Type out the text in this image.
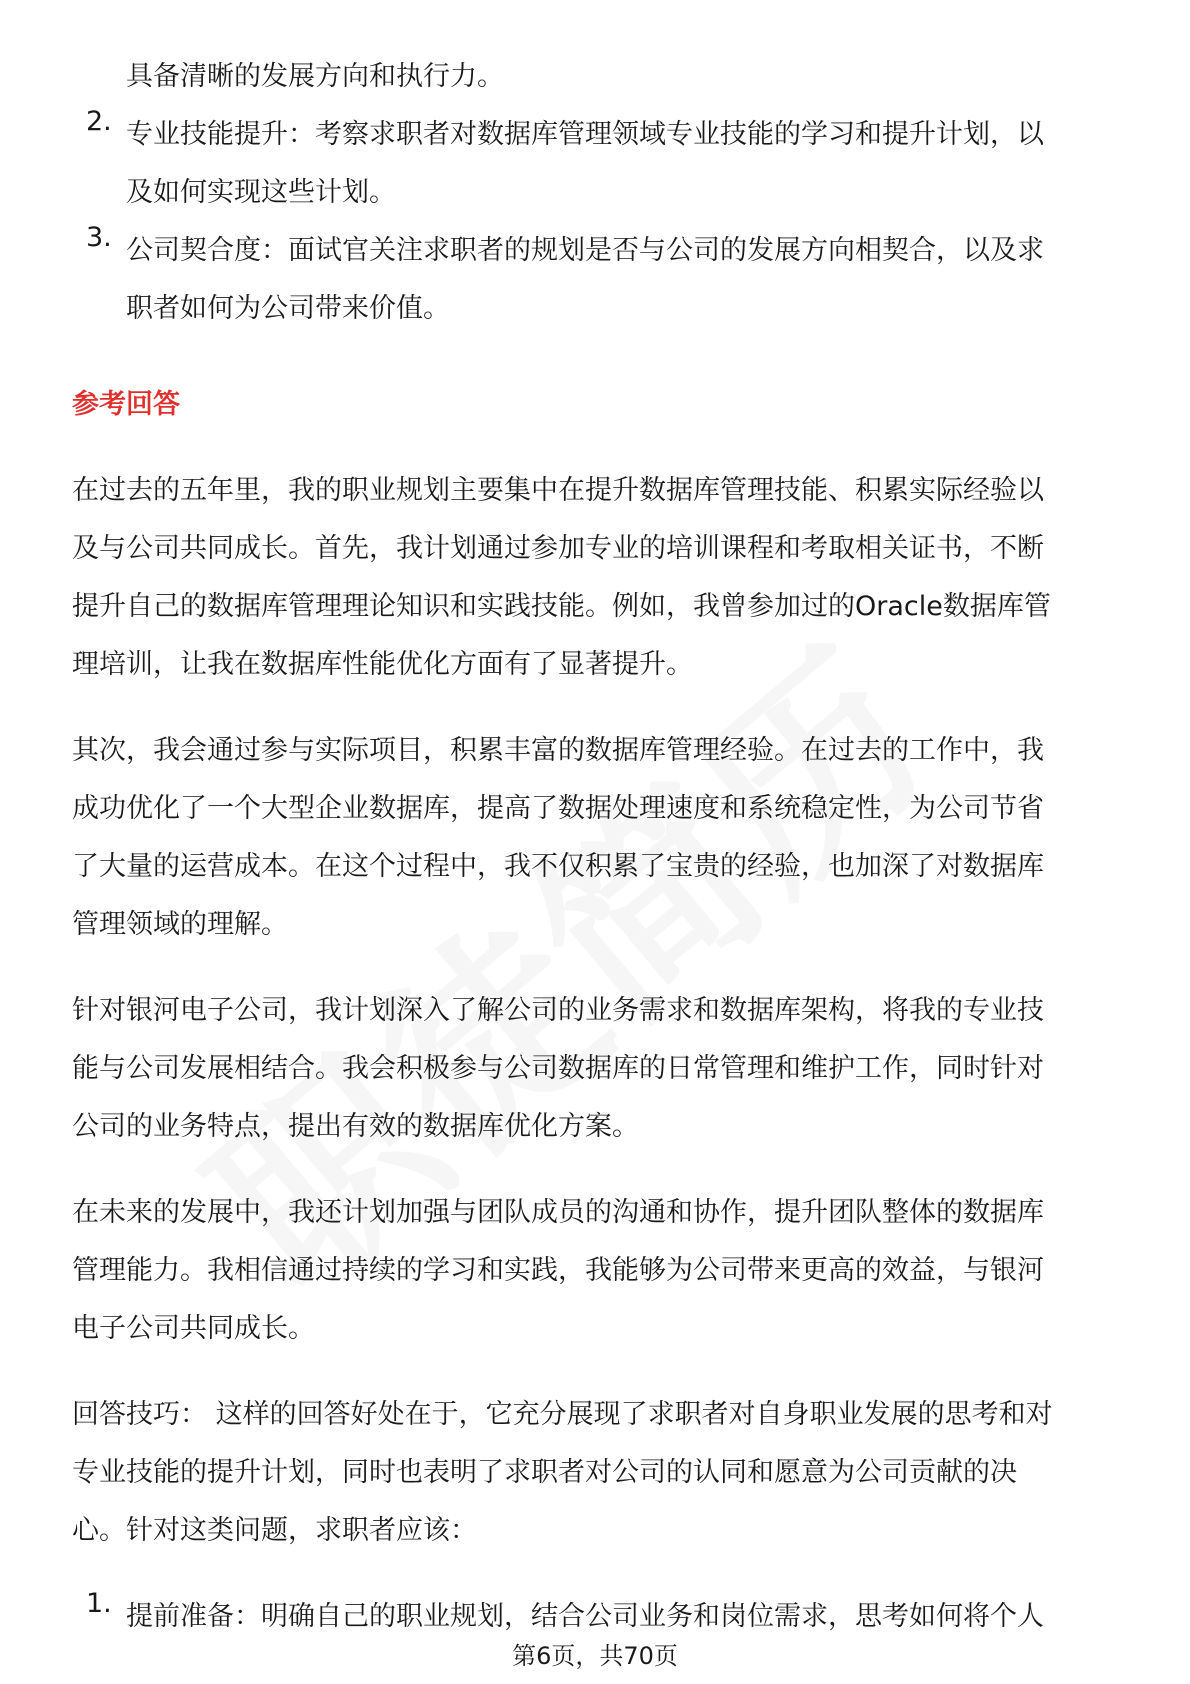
具备清晰的发展方向和执行力。
2. 专业技能提升：考察求职者对数据库管理领域专业技能的学习和提升计划，以
及如何实现这些计划。
3. 公司契合度：面试官关注求职者的规划是否与公司的发展方向相契合，以及求
职者如何为公司带来价值。
参考回答
在过去的五年里，我的职业规划主要集中在提升数据库管理技能、积累实际经验以
及与公司共同成长。首先，我计划通过参加专业的培训课程和考取相关证书，不断
提升自己的数据库管理理论知识和实践技能。例如，我曾参加过的Oracle数据库管
理培训，让我在数据库性能优化方面有了显著提升。
其次，我会通过参与实际项目，积累丰富的数据库管理经验。在过去的工作中，我
成功优化了一个大型企业数据库，提高了数据处理速度和系统稳定性，为公司节省
了大量的运营成本。在这个过程中，我不仅积累了宝贵的经验，也加深了对数据库
管理领域的理解。
针对银河电子公司，我计划深入了解公司的业务需求和数据库架构，将我的专业技
能与公司发展相结合。我会积极参与公司数据库的日常管理和维护工作，同时针对
公司的业务特点，提出有效的数据库优化方案。
在未来的发展中，我还计划加强与团队成员的沟通和协作，提升团队整体的数据库
管理能力。我相信通过持续的学习和实践，我能够为公司带来更高的效益，与银河
电子公司共同成长。
回答技巧： 这样的回答好处在于，它充分展现了求职者对自身职业发展的思考和对
专业技能的提升计划，同时也表明了求职者对公司的认同和愿意为公司贡献的决
心。针对这类问题，求职者应该：
1. 提前准备：明确自己的职业规划，结合公司业务和岗位需求，思考如何将个人
第6页，共70页
